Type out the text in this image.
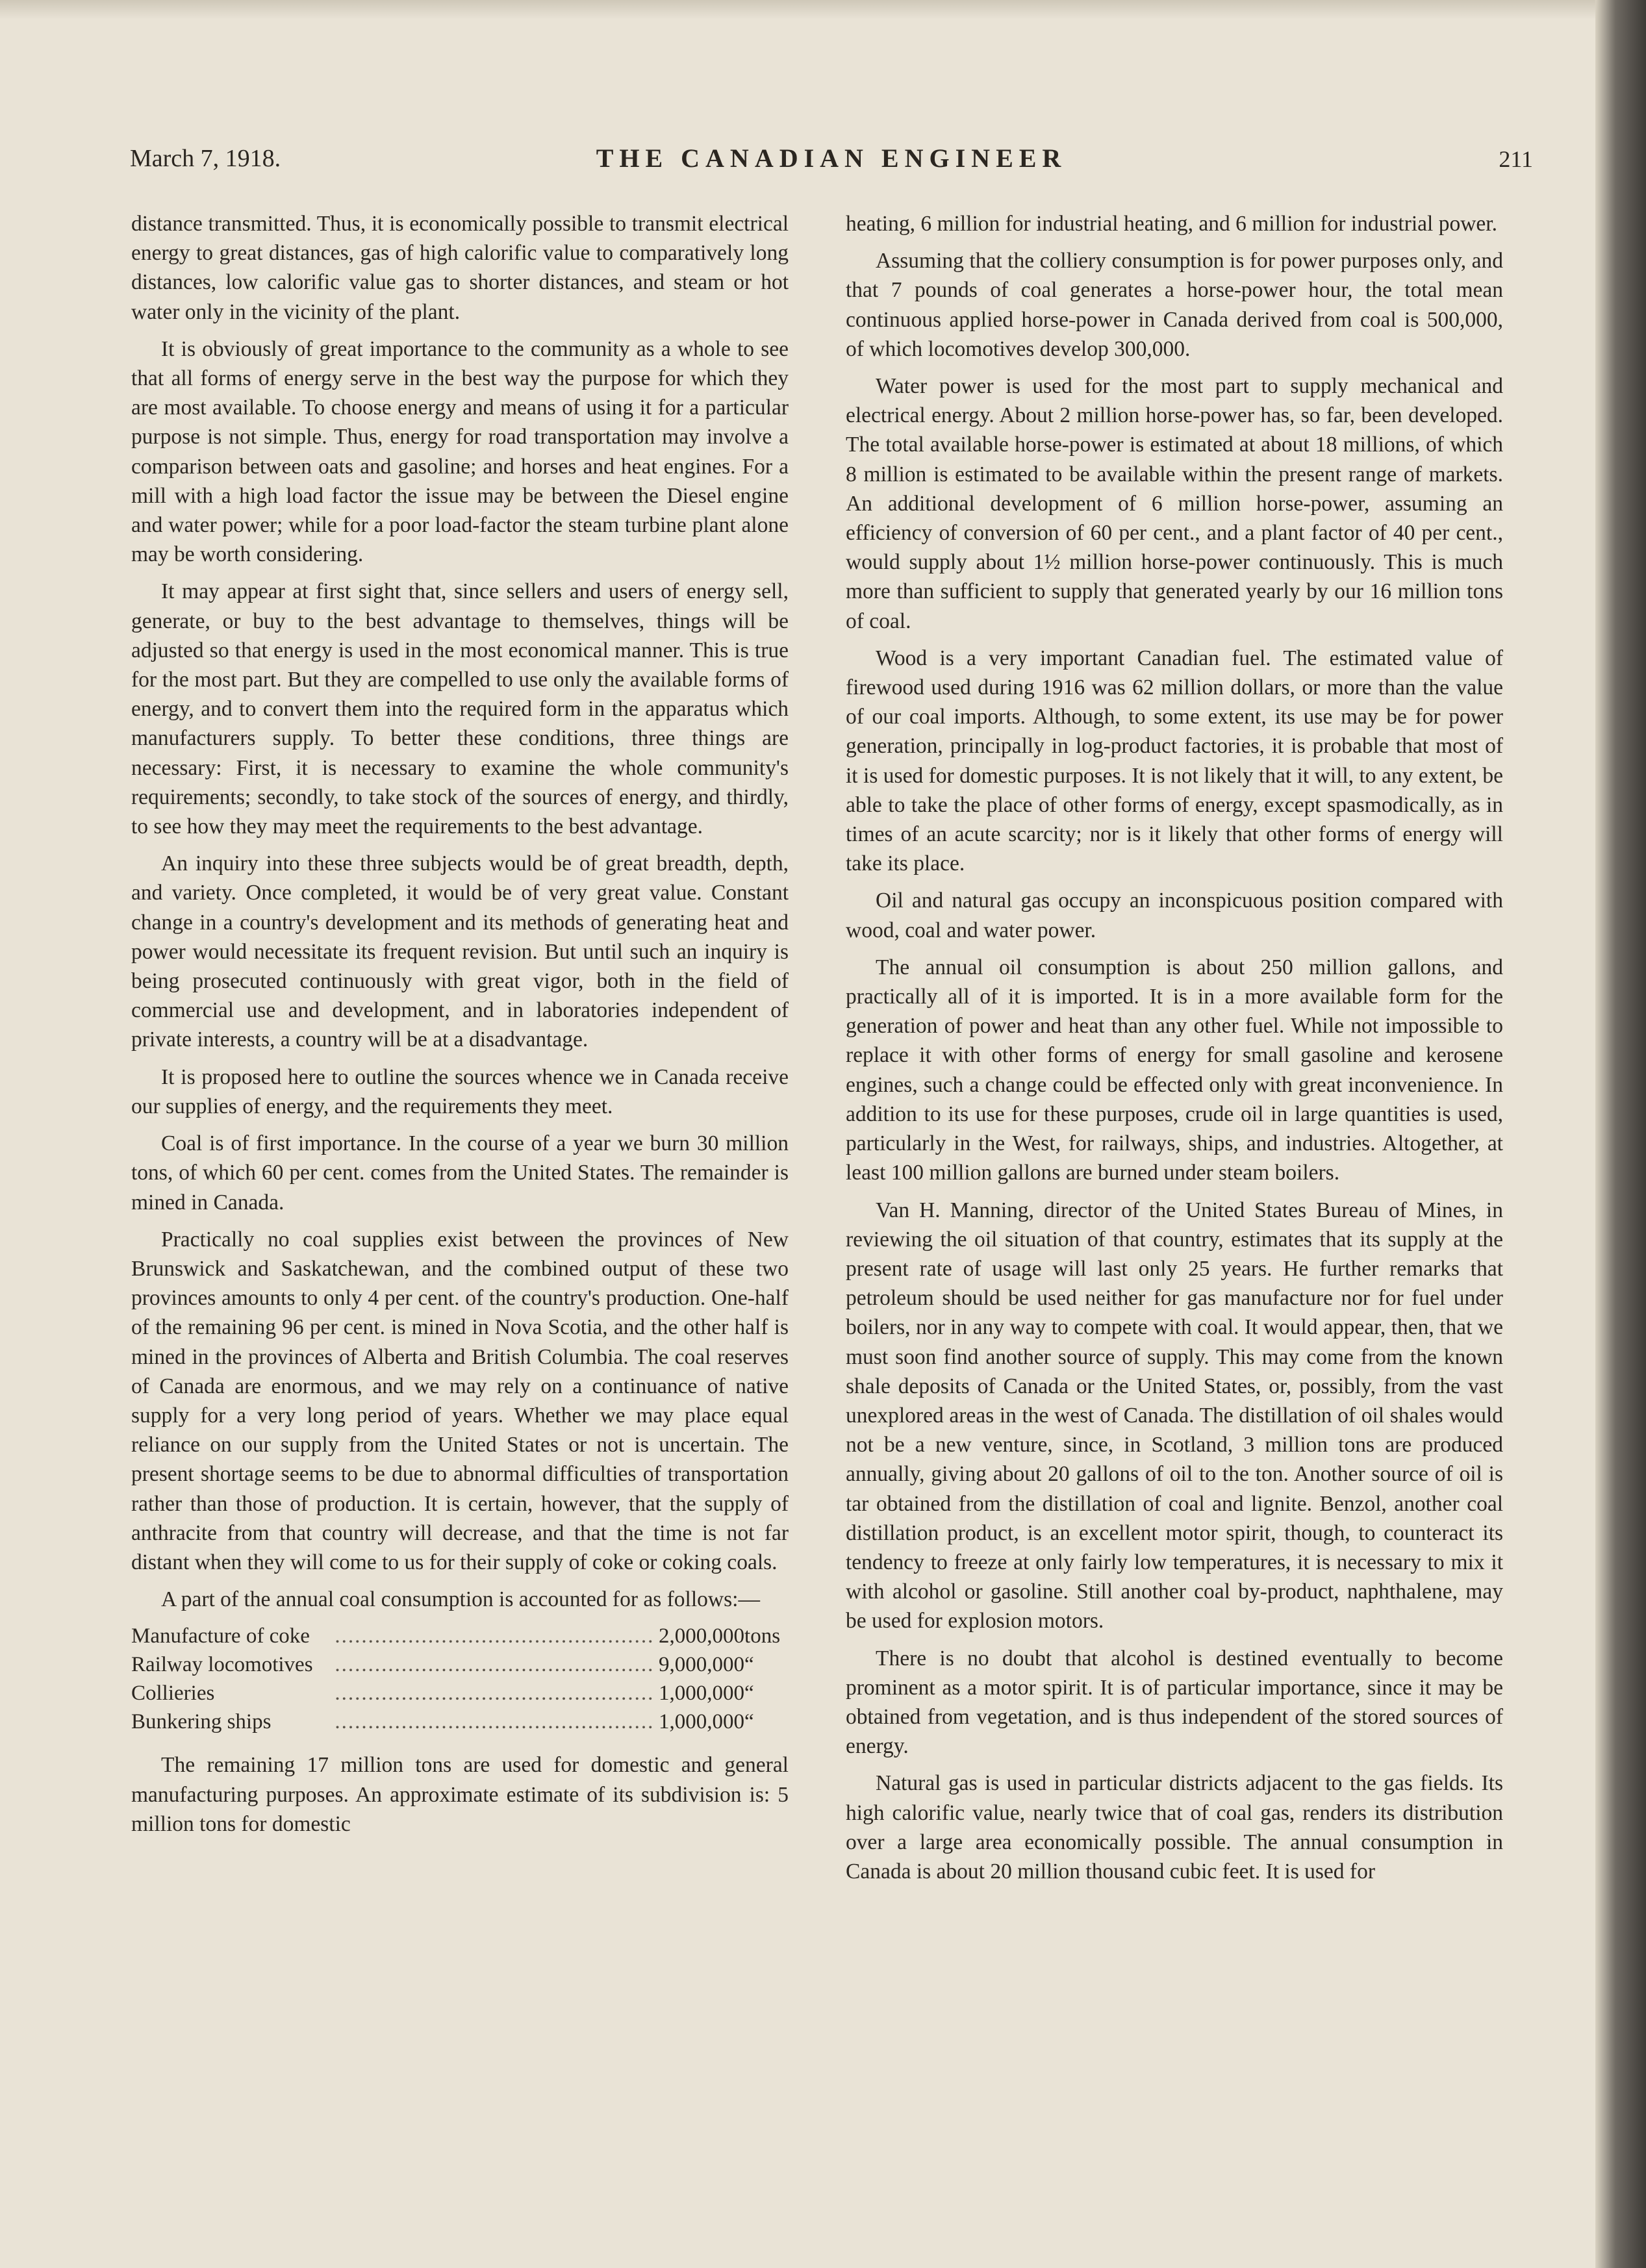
March 7, 1918.	THE CANADIAN ENGINEER	211

distance transmitted. Thus, it is economically possible to transmit electrical energy to great distances, gas of high calorific value to comparatively long distances, low calorific value gas to shorter distances, and steam or hot water only in the vicinity of the plant.

It is obviously of great importance to the community as a whole to see that all forms of energy serve in the best way the purpose for which they are most available. To choose energy and means of using it for a particular purpose is not simple. Thus, energy for road transportation may involve a comparison between oats and gasoline; and horses and heat engines. For a mill with a high load factor the issue may be between the Diesel engine and water power; while for a poor load-factor the steam turbine plant alone may be worth considering.

It may appear at first sight that, since sellers and users of energy sell, generate, or buy to the best advantage to themselves, things will be adjusted so that energy is used in the most economical manner. This is true for the most part. But they are compelled to use only the available forms of energy, and to convert them into the required form in the apparatus which manufacturers supply. To better these conditions, three things are necessary: First, it is necessary to examine the whole community's requirements; secondly, to take stock of the sources of energy, and thirdly, to see how they may meet the requirements to the best advantage.

An inquiry into these three subjects would be of great breadth, depth, and variety. Once completed, it would be of very great value. Constant change in a country's development and its methods of generating heat and power would necessitate its frequent revision. But until such an inquiry is being prosecuted continuously with great vigor, both in the field of commercial use and development, and in laboratories independent of private interests, a country will be at a disadvantage.

It is proposed here to outline the sources whence we in Canada receive our supplies of energy, and the requirements they meet.

Coal is of first importance. In the course of a year we burn 30 million tons, of which 60 per cent. comes from the United States. The remainder is mined in Canada.

Practically no coal supplies exist between the provinces of New Brunswick and Saskatchewan, and the combined output of these two provinces amounts to only 4 per cent. of the country's production. One-half of the remaining 96 per cent. is mined in Nova Scotia, and the other half is mined in the provinces of Alberta and British Columbia. The coal reserves of Canada are enormous, and we may rely on a continuance of native supply for a very long period of years. Whether we may place equal reliance on our supply from the United States or not is uncertain. The present shortage seems to be due to abnormal difficulties of transportation rather than those of production. It is certain, however, that the supply of anthracite from that country will decrease, and that the time is not far distant when they will come to us for their supply of coke or coking coals.

A part of the annual coal consumption is accounted for as follows:—

Manufacture of coke	................................................	2,000,000	tons
Railway locomotives	................................................	9,000,000	“
Collieries	................................................	1,000,000	“
Bunkering ships	................................................	1,000,000	“

The remaining 17 million tons are used for domestic and general manufacturing purposes. An approximate estimate of its subdivision is: 5 million tons for domestic

heating, 6 million for industrial heating, and 6 million for industrial power.

Assuming that the colliery consumption is for power purposes only, and that 7 pounds of coal generates a horse-power hour, the total mean continuous applied horse-power in Canada derived from coal is 500,000, of which locomotives develop 300,000.

Water power is used for the most part to supply mechanical and electrical energy. About 2 million horse-power has, so far, been developed. The total available horse-power is estimated at about 18 millions, of which 8 million is estimated to be available within the present range of markets. An additional development of 6 million horse-power, assuming an efficiency of conversion of 60 per cent., and a plant factor of 40 per cent., would supply about 1½ million horse-power continuously. This is much more than sufficient to supply that generated yearly by our 16 million tons of coal.

Wood is a very important Canadian fuel. The estimated value of firewood used during 1916 was 62 million dollars, or more than the value of our coal imports. Although, to some extent, its use may be for power generation, principally in log-product factories, it is probable that most of it is used for domestic purposes. It is not likely that it will, to any extent, be able to take the place of other forms of energy, except spasmodically, as in times of an acute scarcity; nor is it likely that other forms of energy will take its place.

Oil and natural gas occupy an inconspicuous position compared with wood, coal and water power.

The annual oil consumption is about 250 million gallons, and practically all of it is imported. It is in a more available form for the generation of power and heat than any other fuel. While not impossible to replace it with other forms of energy for small gasoline and kerosene engines, such a change could be effected only with great inconvenience. In addition to its use for these purposes, crude oil in large quantities is used, particularly in the West, for railways, ships, and industries. Altogether, at least 100 million gallons are burned under steam boilers.

Van H. Manning, director of the United States Bureau of Mines, in reviewing the oil situation of that country, estimates that its supply at the present rate of usage will last only 25 years. He further remarks that petroleum should be used neither for gas manufacture nor for fuel under boilers, nor in any way to compete with coal. It would appear, then, that we must soon find another source of supply. This may come from the known shale deposits of Canada or the United States, or, possibly, from the vast unexplored areas in the west of Canada. The distillation of oil shales would not be a new venture, since, in Scotland, 3 million tons are produced annually, giving about 20 gallons of oil to the ton. Another source of oil is tar obtained from the distillation of coal and lignite. Benzol, another coal distillation product, is an excellent motor spirit, though, to counteract its tendency to freeze at only fairly low temperatures, it is necessary to mix it with alcohol or gasoline. Still another coal by-product, naphthalene, may be used for explosion motors.

There is no doubt that alcohol is destined eventually to become prominent as a motor spirit. It is of particular importance, since it may be obtained from vegetation, and is thus independent of the stored sources of energy.

Natural gas is used in particular districts adjacent to the gas fields. Its high calorific value, nearly twice that of coal gas, renders its distribution over a large area economically possible. The annual consumption in Canada is about 20 million thousand cubic feet. It is used for
